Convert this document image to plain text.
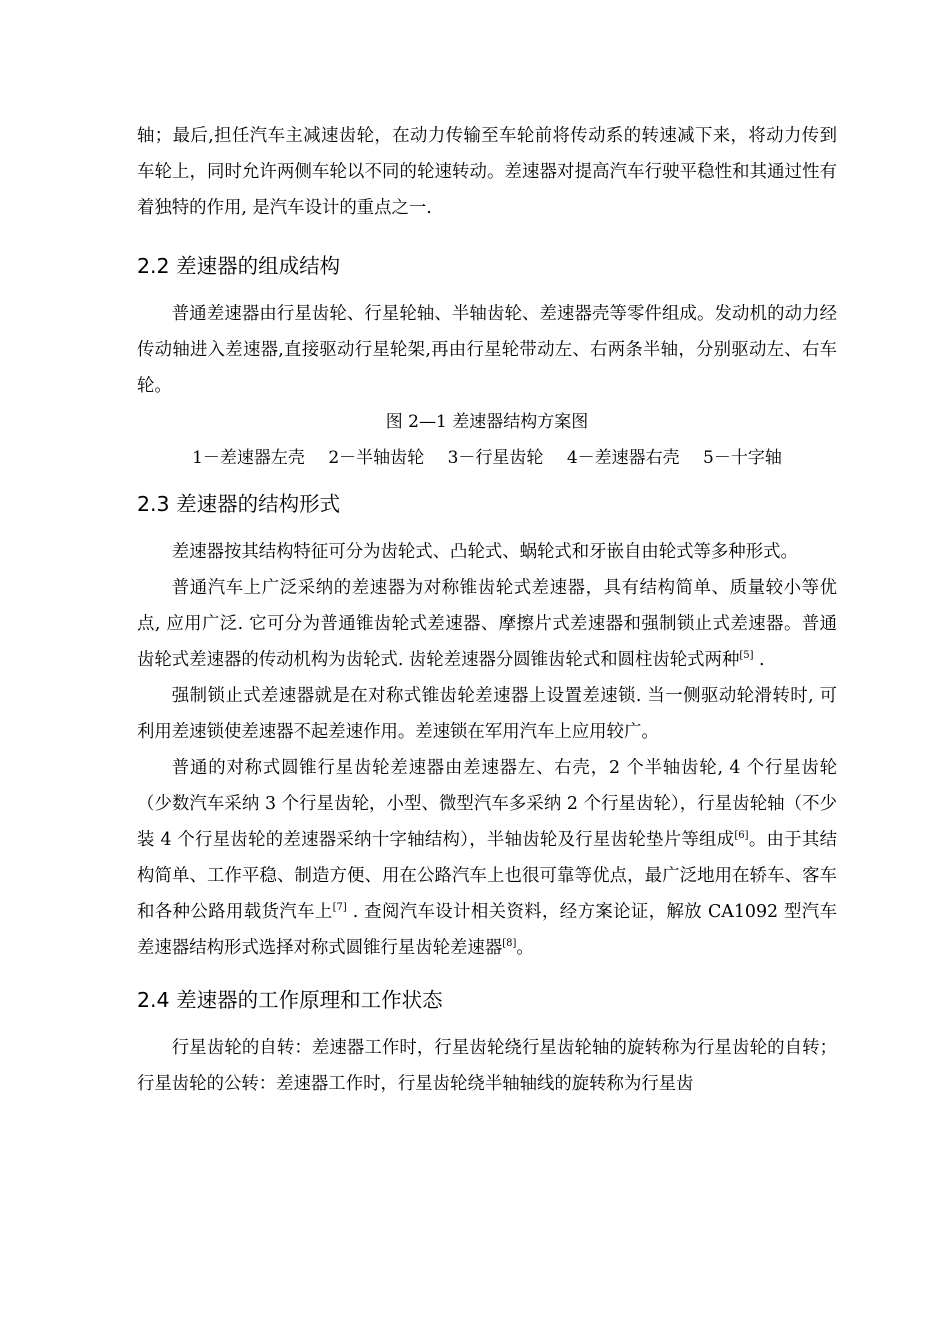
轴；最后,担任汽车主减速齿轮，在动力传输至车轮前将传动系的转速减下来，将动力传到车轮上，同时允许两侧车轮以不同的轮速转动。差速器对提高汽车行驶平稳性和其通过性有着独特的作用, 是汽车设计的重点之一.

2.2 差速器的组成结构

普通差速器由行星齿轮、行星轮轴、半轴齿轮、差速器壳等零件组成。发动机的动力经传动轴进入差速器,直接驱动行星轮架,再由行星轮带动左、右两条半轴，分别驱动左、右车轮。

图 2—1 差速器结构方案图

1－差速器左壳 2－半轴齿轮 3－行星齿轮 4－差速器右壳 5－十字轴

2.3 差速器的结构形式

差速器按其结构特征可分为齿轮式、凸轮式、蜗轮式和牙嵌自由轮式等多种形式。

普通汽车上广泛采纳的差速器为对称锥齿轮式差速器，具有结构简单、质量较小等优点, 应用广泛. 它可分为普通锥齿轮式差速器、摩擦片式差速器和强制锁止式差速器。普通齿轮式差速器的传动机构为齿轮式. 齿轮差速器分圆锥齿轮式和圆柱齿轮式两种[5] .

强制锁止式差速器就是在对称式锥齿轮差速器上设置差速锁. 当一侧驱动轮滑转时, 可利用差速锁使差速器不起差速作用。差速锁在军用汽车上应用较广。

普通的对称式圆锥行星齿轮差速器由差速器左、右壳，2 个半轴齿轮, 4 个行星齿轮（少数汽车采纳 3 个行星齿轮，小型、微型汽车多采纳 2 个行星齿轮），行星齿轮轴（不少装 4 个行星齿轮的差速器采纳十字轴结构），半轴齿轮及行星齿轮垫片等组成[6]。由于其结构简单、工作平稳、制造方便、用在公路汽车上也很可靠等优点，最广泛地用在轿车、客车和各种公路用载货汽车上[7] . 查阅汽车设计相关资料，经方案论证，解放 CA1092 型汽车差速器结构形式选择对称式圆锥行星齿轮差速器[8]。

2.4 差速器的工作原理和工作状态

行星齿轮的自转：差速器工作时，行星齿轮绕行星齿轮轴的旋转称为行星齿轮的自转；行星齿轮的公转：差速器工作时，行星齿轮绕半轴轴线的旋转称为行星齿
